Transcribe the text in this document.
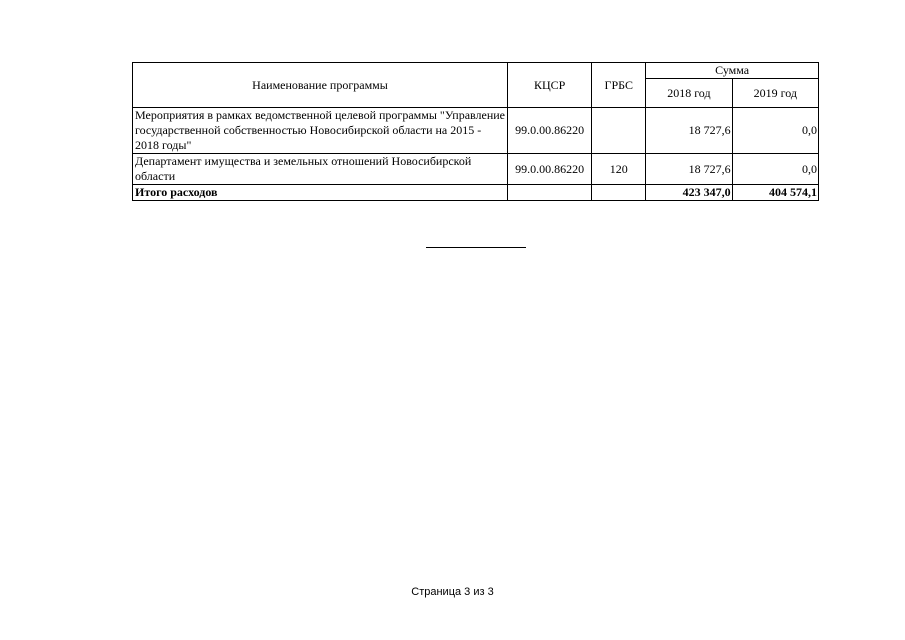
Наименование программы	КЦСР	ГРБС	Сумма	
			2018 год	2019 год
Мероприятия в рамках ведомственной целевой программы "Управление государственной собственностью Новосибирской области на 2015 - 2018 годы"	99.0.00.86220		18 727,6	0,0
Департамент имущества и земельных отношений Новосибирской области	99.0.00.86220	120	18 727,6	0,0
Итого расходов			423 347,0	404 574,1
Страница 3 из 3
